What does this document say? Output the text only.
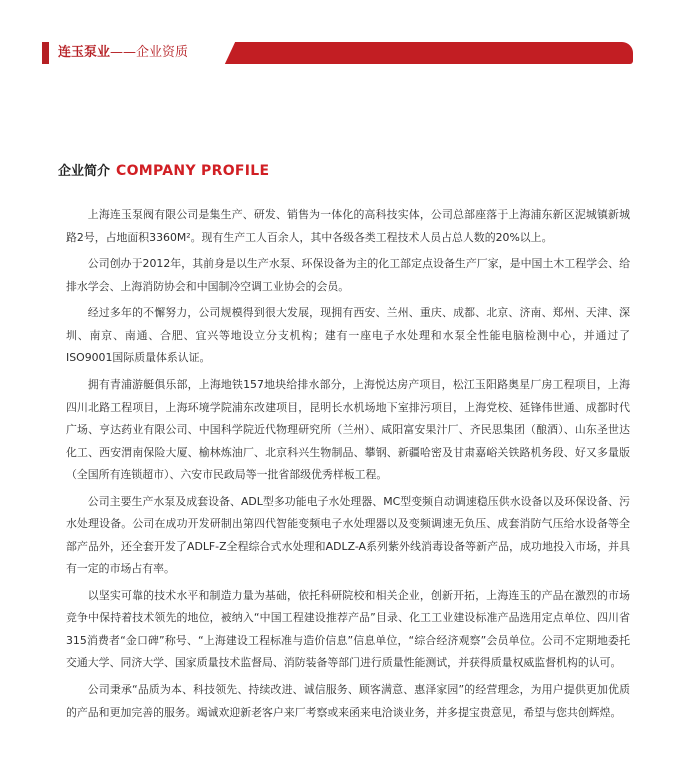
连玉泵业——企业资质
企业简介 COMPANY PROFILE

上海连玉泵阀有限公司是集生产、研发、销售为一体化的高科技实体，公司总部座落于上海浦东新区泥城镇新城路2号，占地面积3360M²。现有生产工人百余人，其中各级各类工程技术人员占总人数的20%以上。

公司创办于2012年，其前身是以生产水泵、环保设备为主的化工部定点设备生产厂家，是中国土木工程学会、给排水学会、上海消防协会和中国制冷空调工业协会的会员。

经过多年的不懈努力，公司规模得到很大发展，现拥有西安、兰州、重庆、成都、北京、济南、郑州、天津、深圳、南京、南通、合肥、宜兴等地设立分支机构；建有一座电子水处理和水泵全性能电脑检测中心，并通过了ISO9001国际质量体系认证。

拥有青浦游艇俱乐部，上海地铁157地块给排水部分，上海悦达房产项目，松江玉阳路奥星厂房工程项目，上海四川北路工程项目，上海环境学院浦东改建项目，昆明长水机场地下室排污项目，上海党校、延锋伟世通、成都时代广场、亨达药业有限公司、中国科学院近代物理研究所（兰州）、咸阳富安果汁厂、齐民思集团（酿酒）、山东圣世达化工、西安渭南保险大厦、榆林炼油厂、北京科兴生物制品、攀钢、新疆哈密及甘肃嘉峪关铁路机务段、好又多量版（全国所有连锁超市）、六安市民政局等一批省部级优秀样板工程。

公司主要生产水泵及成套设备、ADL型多功能电子水处理器、MC型变频自动调速稳压供水设备以及环保设备、污水处理设备。公司在成功开发研制出第四代智能变频电子水处理器以及变频调速无负压、成套消防气压给水设备等全部产品外，还全套开发了ADLF-Z全程综合式水处理和ADLZ-A系列紫外线消毒设备等新产品，成功地投入市场，并具有一定的市场占有率。

以坚实可靠的技术水平和制造力量为基础，依托科研院校和相关企业，创新开拓，上海连玉的产品在激烈的市场竞争中保持着技术领先的地位，被纳入“中国工程建设推荐产品”目录、化工工业建设标准产品选用定点单位、四川省315消费者“金口碑”称号、“上海建设工程标准与造价信息”信息单位，“综合经济观察”会员单位。公司不定期地委托交通大学、同济大学、国家质量技术监督局、消防装备等部门进行质量性能测试，并获得质量权威监督机构的认可。

公司秉承“品质为本、科技领先、持续改进、诚信服务、顾客满意、惠泽家园”的经营理念，为用户提供更加优质的产品和更加完善的服务。竭诚欢迎新老客户来厂考察或来函来电洽谈业务，并多提宝贵意见，希望与您共创辉煌。
